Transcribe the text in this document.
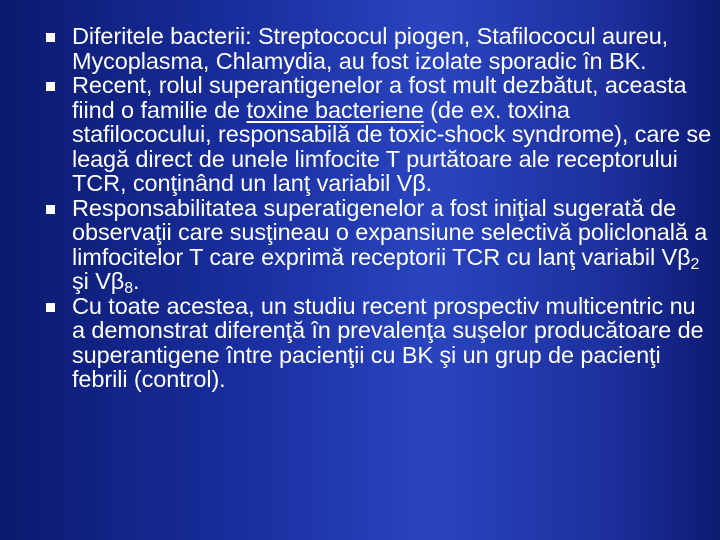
Diferitele bacterii: Streptococul piogen, Stafilococul aureu, Mycoplasma, Chlamydia, au fost izolate sporadic în BK.
Recent, rolul superantigenelor a fost mult dezbătut, aceasta fiind o familie de toxine bacteriene (de ex. toxina stafilococului, responsabilă de toxic-shock syndrome), care se leagă direct de unele limfocite T purtătoare ale receptorului TCR, conţinând un lanţ variabil Vβ.
Responsabilitatea superatigenelor a fost iniţial sugerată de observaţii care susţineau o expansiune selectivă policlonală a limfocitelor T care exprimă receptorii TCR cu lanţ variabil $V\beta_2$ şi $V\beta_8$.
Cu toate acestea, un studiu recent prospectiv multicentric nu a demonstrat diferenţă în prevalenţa suşelor producătoare de superantigene între pacienţii cu BK şi un grup de pacienţi febrili (control).
